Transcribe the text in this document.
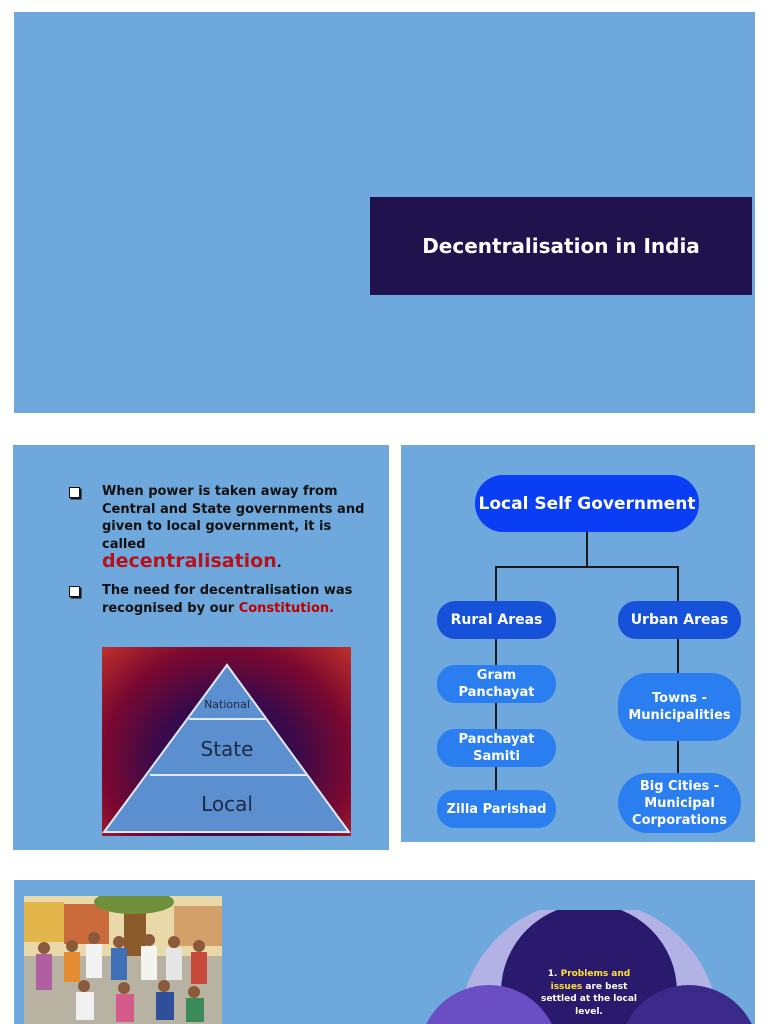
Decentralisation in India
When power is taken away from Central and State governments and given to local government, it is called
decentralisation.
The need for decentralisation was recognised by our Constitution.
National
State
Local
Local Self Government
Rural Areas	Urban Areas
Gram Panchayat
Panchayat Samiti
Zilla Parishad
Towns - Municipalities
Big Cities - Municipal Corporations
1. Problems and issues are best settled at the local level.
